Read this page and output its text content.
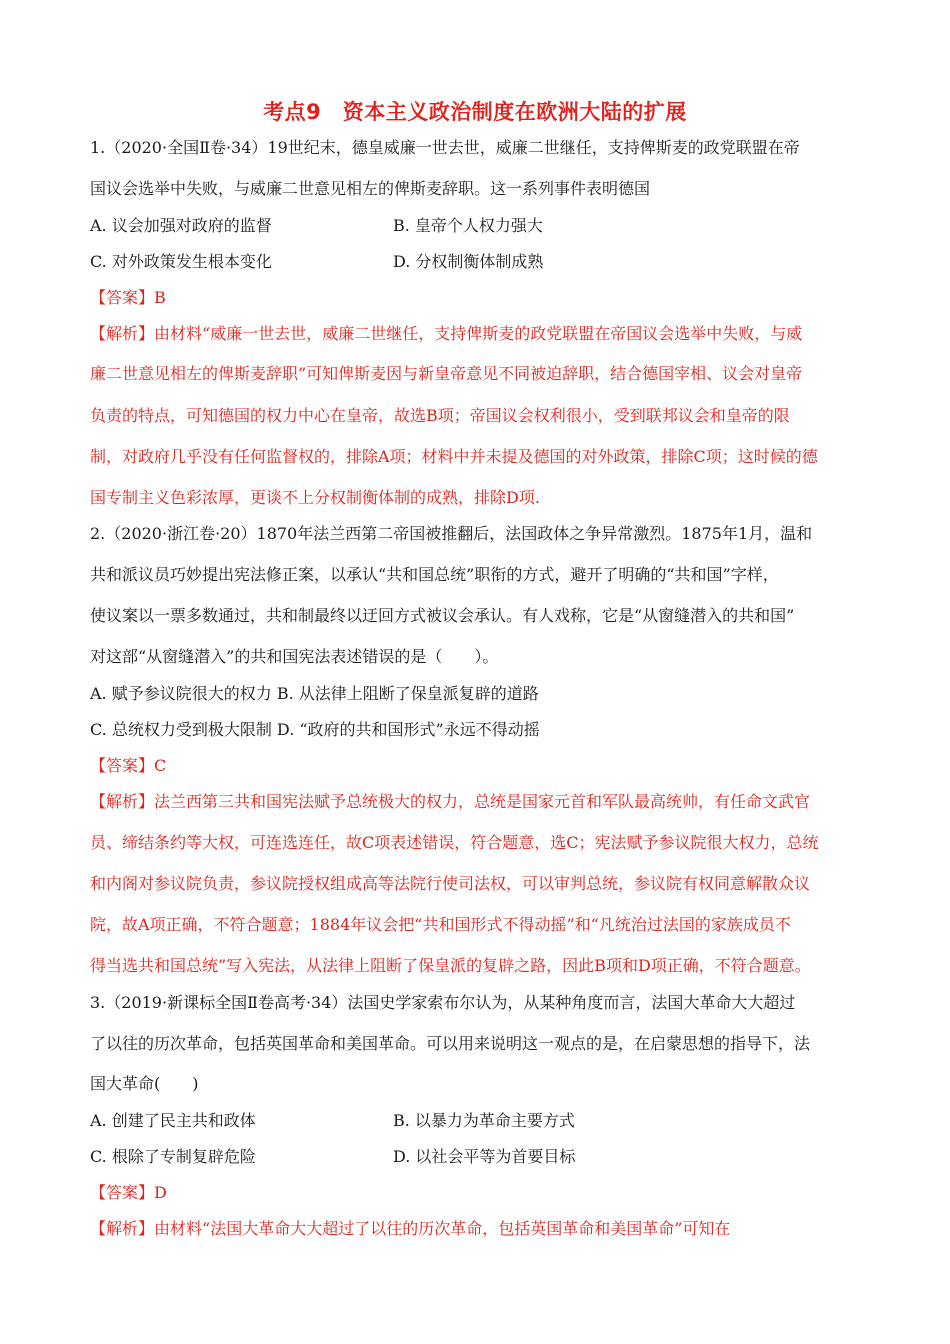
考点9　资本主义政治制度在欧洲大陆的扩展
1.（2020·全国Ⅱ卷·34）19世纪末，德皇威廉一世去世，威廉二世继任，支持俾斯麦的政党联盟在帝
国议会选举中失败，与威廉二世意见相左的俾斯麦辞职。这一系列事件表明德国
A. 议会加强对政府的监督	B. 皇帝个人权力强大
C. 对外政策发生根本变化	D. 分权制衡体制成熟
【答案】B
【解析】由材料“威廉一世去世，威廉二世继任，支持俾斯麦的政党联盟在帝国议会选举中失败，与威
廉二世意见相左的俾斯麦辞职”可知俾斯麦因与新皇帝意见不同被迫辞职，结合德国宰相、议会对皇帝
负责的特点，可知德国的权力中心在皇帝，故选B项；帝国议会权利很小，受到联邦议会和皇帝的限
制，对政府几乎没有任何监督权的，排除A项；材料中并未提及德国的对外政策，排除C项；这时候的德
国专制主义色彩浓厚，更谈不上分权制衡体制的成熟，排除D项.
2.（2020·浙江卷·20）1870年法兰西第二帝国被推翻后，法国政体之争异常激烈。1875年1月，温和
共和派议员巧妙提出宪法修正案，以承认“共和国总统”职衔的方式，避开了明确的“共和国”字样，
使议案以一票多数通过，共和制最终以迂回方式被议会承认。有人戏称，它是“从窗缝潜入的共和国”
对这部“从窗缝潜入”的共和国宪法表述错误的是（　　）。
A. 赋予参议院很大的权力 B. 从法律上阻断了保皇派复辟的道路
C. 总统权力受到极大限制 D. “政府的共和国形式”永远不得动摇
【答案】C
【解析】法兰西第三共和国宪法赋予总统极大的权力，总统是国家元首和军队最高统帅，有任命文武官
员、缔结条约等大权，可连选连任，故C项表述错误，符合题意，选C；宪法赋予参议院很大权力，总统
和内阁对参议院负责，参议院授权组成高等法院行使司法权，可以审判总统，参议院有权同意解散众议
院，故A项正确，不符合题意；1884年议会把“共和国形式不得动摇”和“凡统治过法国的家族成员不
得当选共和国总统”写入宪法，从法律上阻断了保皇派的复辟之路，因此B项和D项正确，不符合题意。
3.（2019·新课标全国Ⅱ卷高考·34）法国史学家索布尔认为，从某种角度而言，法国大革命大大超过
了以往的历次革命，包括英国革命和美国革命。可以用来说明这一观点的是，在启蒙思想的指导下，法
国大革命(　　)
A. 创建了民主共和政体	B. 以暴力为革命主要方式
C. 根除了专制复辟危险	D. 以社会平等为首要目标
【答案】D
【解析】由材料“法国大革命大大超过了以往的历次革命，包括英国革命和美国革命”可知在
